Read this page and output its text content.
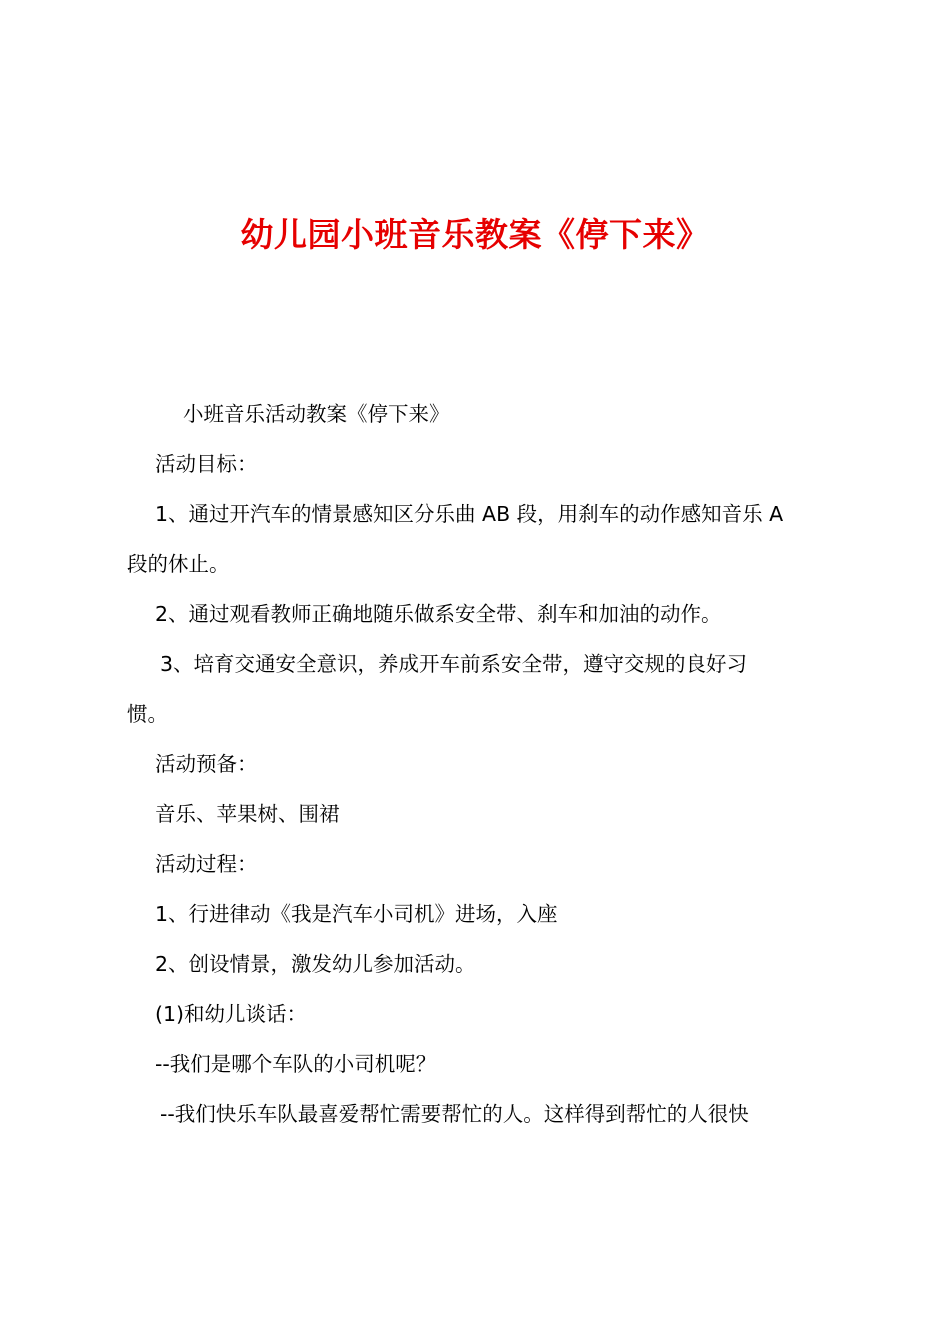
幼儿园小班音乐教案《停下来》
小班音乐活动教案《停下来》
活动目标：
1、通过开汽车的情景感知区分乐曲 AB 段，用刹车的动作感知音乐 A
段的休止。
2、通过观看教师正确地随乐做系安全带、刹车和加油的动作。
3、培育交通安全意识，养成开车前系安全带，遵守交规的良好习
惯。
活动预备：
音乐、苹果树、围裙
活动过程：
1、行进律动《我是汽车小司机》进场，入座
2、创设情景，激发幼儿参加活动。
(1)和幼儿谈话：
--我们是哪个车队的小司机呢？
--我们快乐车队最喜爱帮忙需要帮忙的人。这样得到帮忙的人很快
